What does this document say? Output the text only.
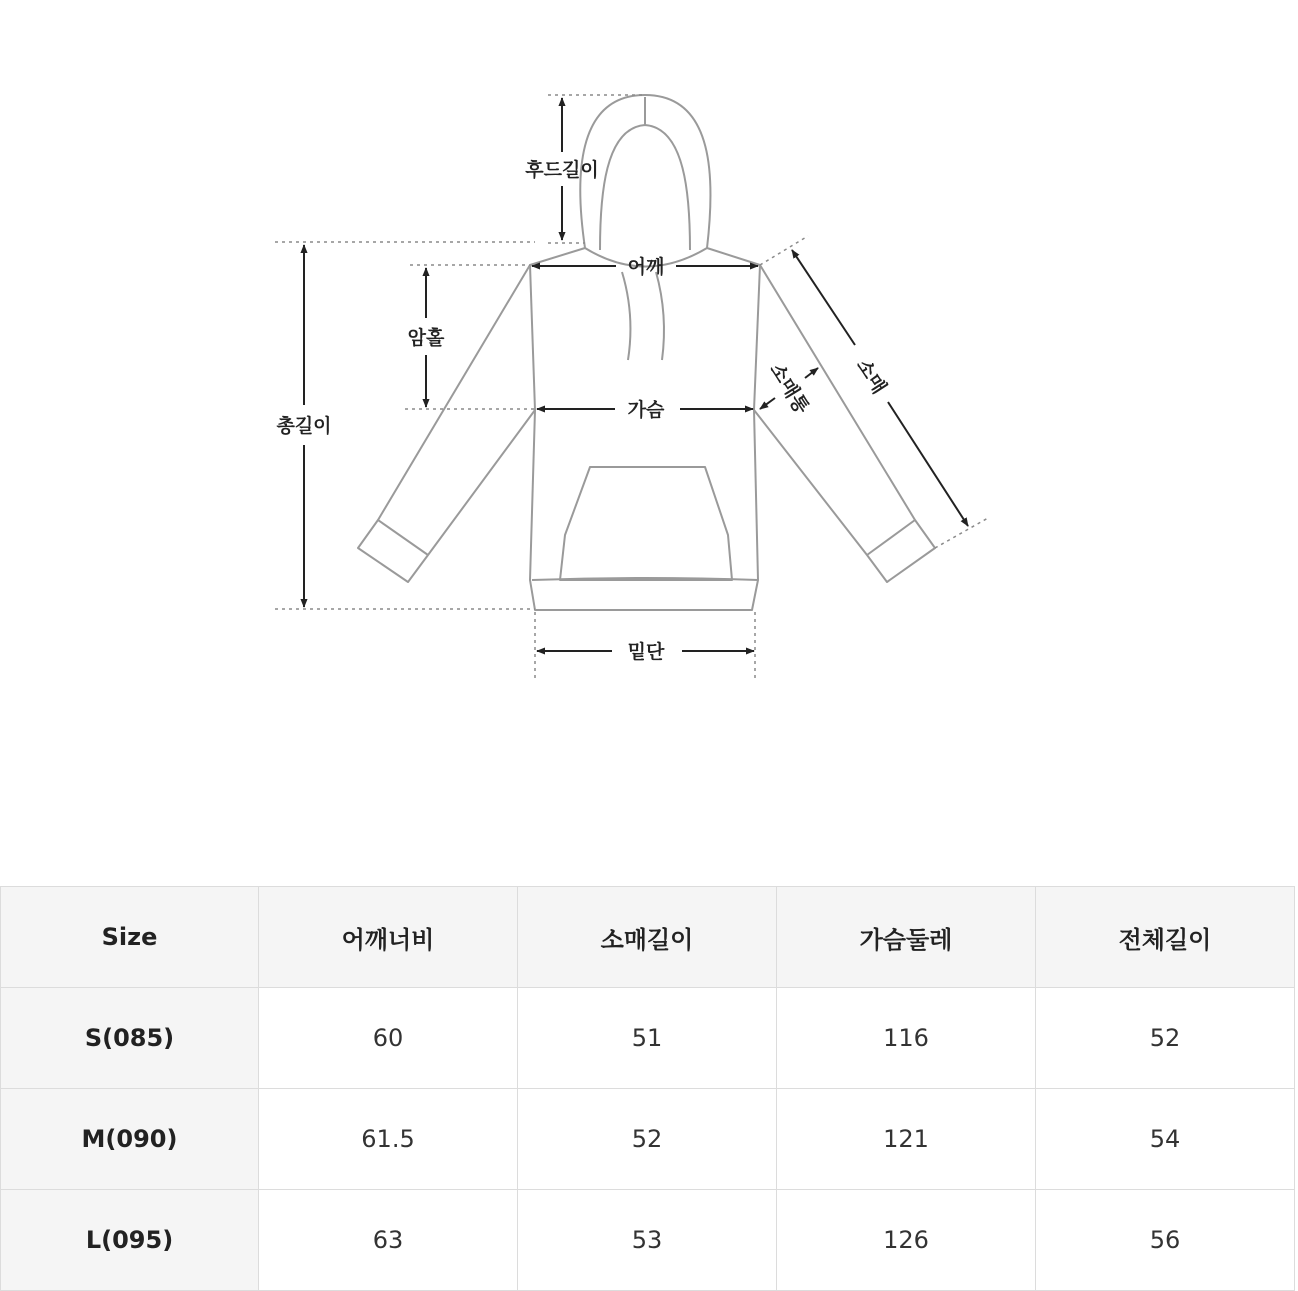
후드길이
어깨
암홀
총길이
가슴	소매통 소매
밑단
Size	어깨너비	소매길이	가슴둘레	전체길이
S(085)	60	51	116	52
M(090)	61.5	52	121	54
L(095)	63	53	126	56
